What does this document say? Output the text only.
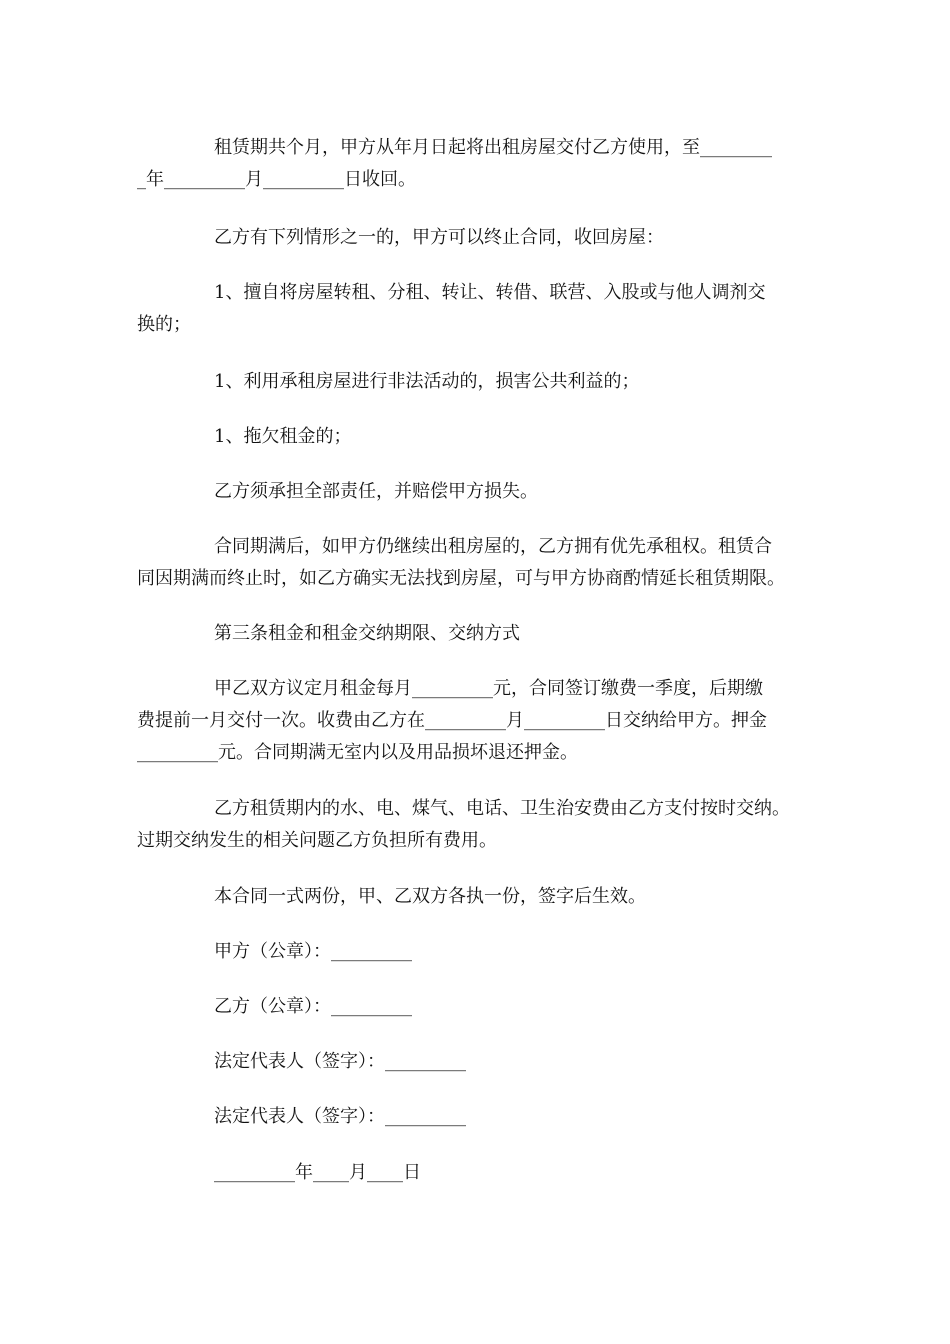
租赁期共个月，甲方从年月日起将出租房屋交付乙方使用，至________
_年_________月_________日收回。
乙方有下列情形之一的，甲方可以终止合同，收回房屋：
1、擅自将房屋转租、分租、转让、转借、联营、入股或与他人调剂交
换的；
1、利用承租房屋进行非法活动的，损害公共利益的；
1、拖欠租金的；
乙方须承担全部责任，并赔偿甲方损失。
合同期满后，如甲方仍继续出租房屋的，乙方拥有优先承租权。租赁合
同因期满而终止时，如乙方确实无法找到房屋，可与甲方协商酌情延长租赁期限。
第三条租金和租金交纳期限、交纳方式
甲乙双方议定月租金每月_________元，合同签订缴费一季度，后期缴
费提前一月交付一次。收费由乙方在_________月_________日交纳给甲方。押金
_________元。合同期满无室内以及用品损坏退还押金。
乙方租赁期内的水、电、煤气、电话、卫生治安费由乙方支付按时交纳。
过期交纳发生的相关问题乙方负担所有费用。
本合同一式两份，甲、乙双方各执一份，签字后生效。
甲方（公章）：_________
乙方（公章）：_________
法定代表人（签字）：_________
法定代表人（签字）：_________
_________年____月____日
